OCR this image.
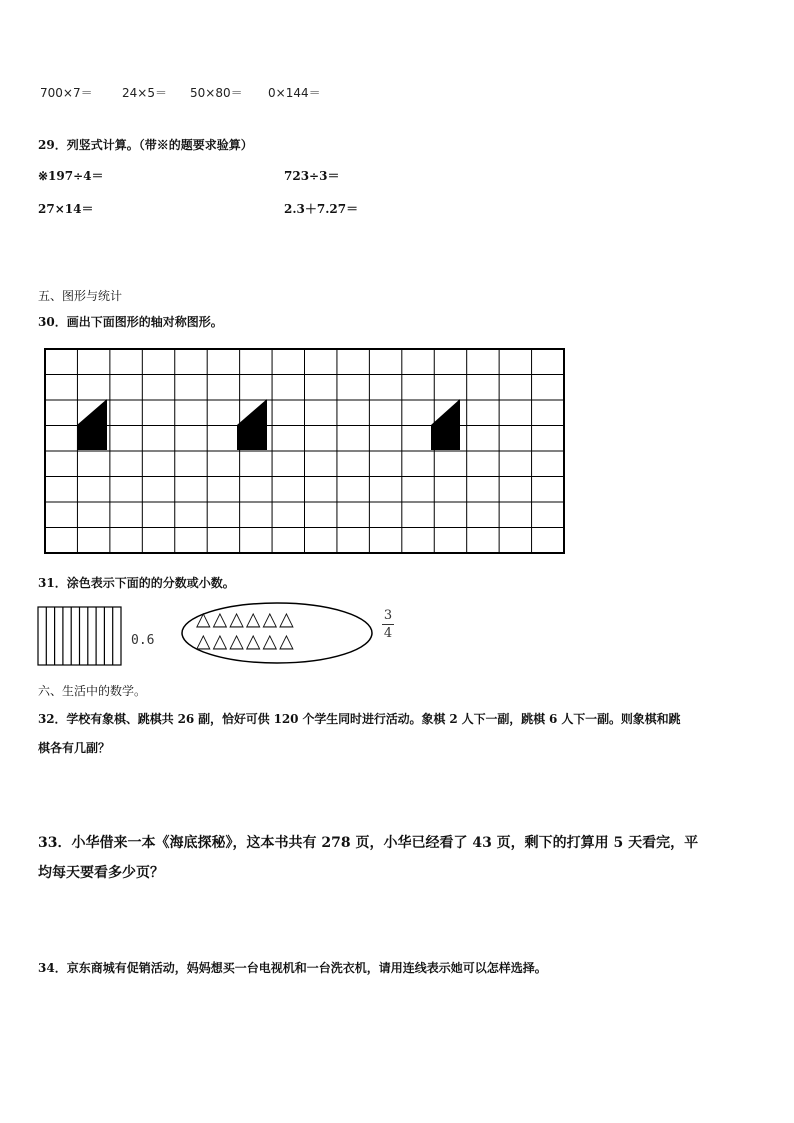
700×7＝ 24×5＝ 50×80＝ 0×144＝
29．列竖式计算。（带※的题要求验算）
※197÷4＝	723÷3＝
27×14＝	2.3＋7.27＝
五、图形与统计
30．画出下面图形的轴对称图形。
31．涂色表示下面的的分数或小数。
0.6
△△△△△△
△△△△△△
3
4
六、生活中的数学。
32．学校有象棋、跳棋共 26 副，恰好可供 120 个学生同时进行活动。象棋 2 人下一副，跳棋 6 人下一副。则象棋和跳
棋各有几副？
33．小华借来一本《海底探秘》，这本书共有 278 页，小华已经看了 43 页，剩下的打算用 5 天看完，平
均每天要看多少页？
34．京东商城有促销活动，妈妈想买一台电视机和一台洗衣机，请用连线表示她可以怎样选择。
